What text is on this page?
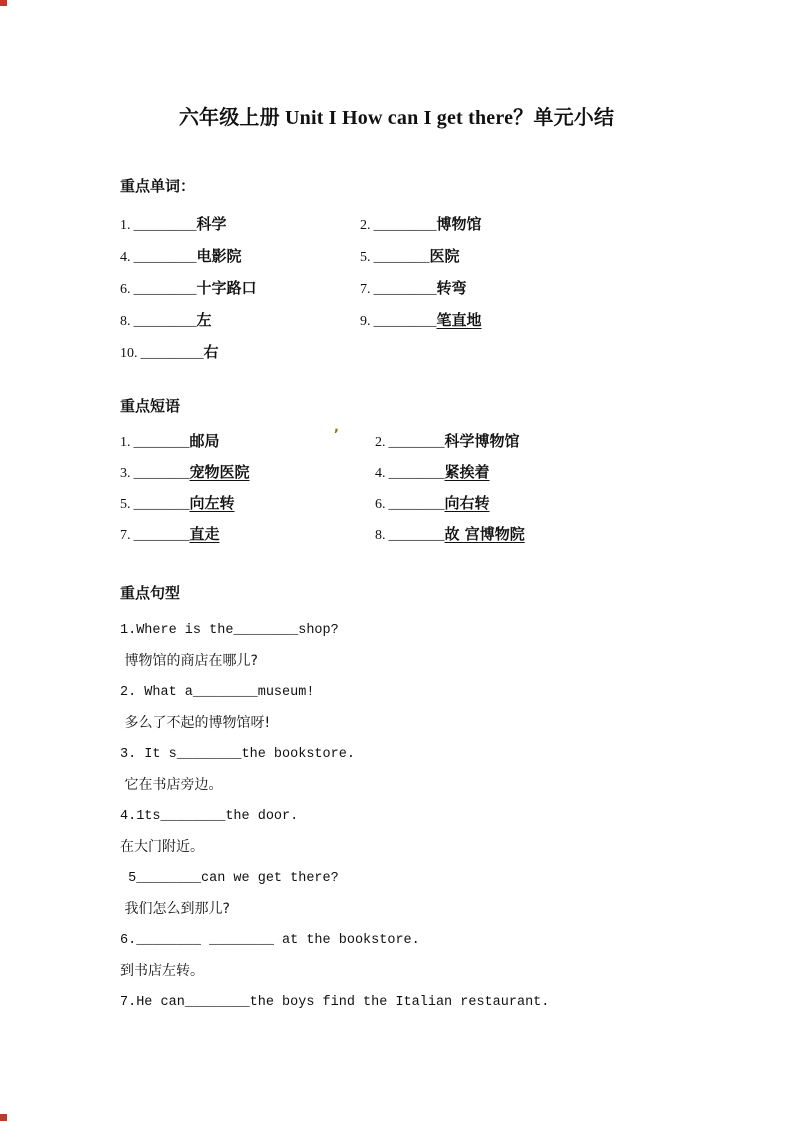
,
六年级上册 Unit I How can I get there？单元小结
重点单词：
1. _________科学	2. _________博物馆
4. _________电影院	5. ________医院
6. _________十字路口	7. _________转弯
8. _________左	9. _________笔直地
10. _________右
重点短语
1. ________邮局	2. ________科学博物馆
3. ________宠物医院	4. ________紧挨着
5. ________向左转	6. ________向右转
7. ________直走	8. ________故 宫博物院
重点句型
1.Where is the________shop?
博物馆的商店在哪儿?
2. What a________museum!
多么了不起的博物馆呀!
3. It s________the bookstore.
它在书店旁边。
4.1ts________the door.
在大门附近。
5________can we get there?
我们怎么到那儿?
6.________ ________ at the bookstore.
到书店左转。
7.He can________the boys find the Italian restaurant.
